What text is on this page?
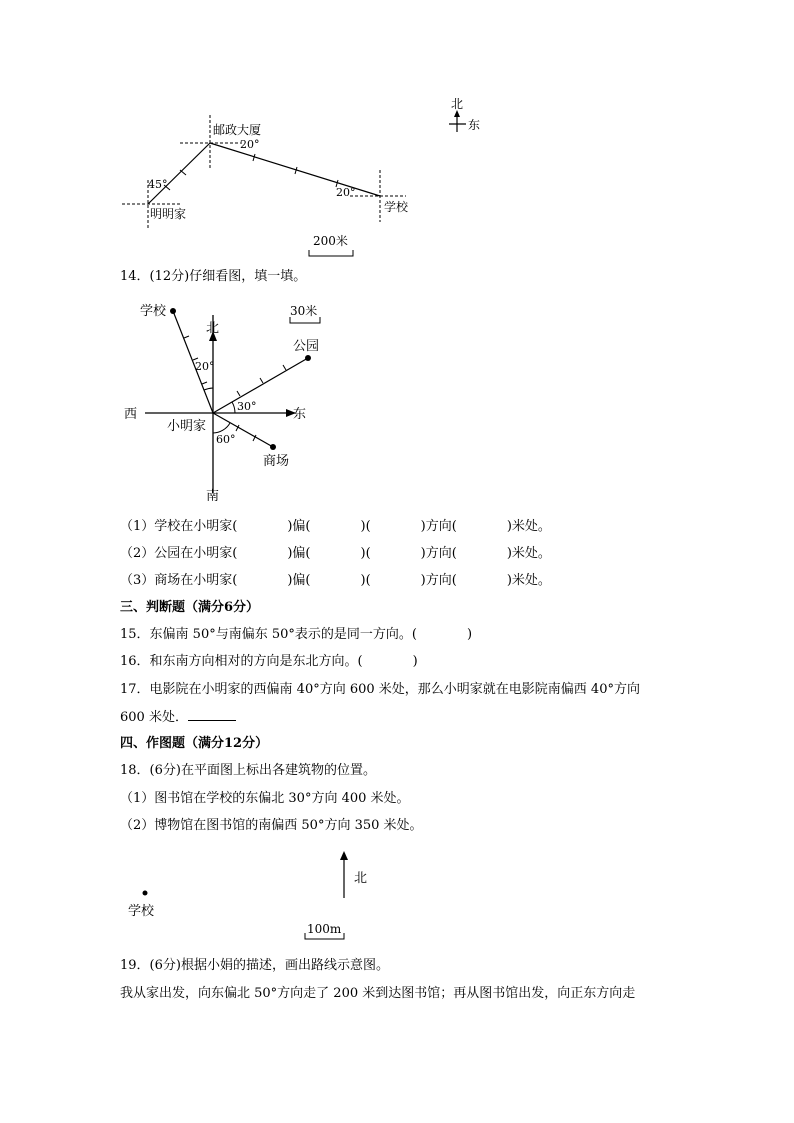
北
东
邮政大厦
20°
45°
明明家
20°
学校
200米
14．(12分)仔细看图，填一填。
学校
北
30米
公园
20°
30°
西	东
小明家
60°
商场
南
（1）学校在小明家(	)偏(	)(	)方向(	)米处。
（2）公园在小明家(	)偏(	)(	)方向(	)米处。
（3）商场在小明家(	)偏(	)(	)方向(	)米处。
三、判断题（满分6分）
15．东偏南 50°与南偏东 50°表示的是同一方向。(	)
16．和东南方向相对的方向是东北方向。(	)
17．电影院在小明家的西偏南 40°方向 600 米处，那么小明家就在电影院南偏西 40°方向
600 米处．
四、作图题（满分12分）
18．(6分)在平面图上标出各建筑物的位置。
（1）图书馆在学校的东偏北 30°方向 400 米处。
（2）博物馆在图书馆的南偏西 50°方向 350 米处。
学校
北
100m
19．(6分)根据小娟的描述，画出路线示意图。
我从家出发，向东偏北 50°方向走了 200 米到达图书馆；再从图书馆出发，向正东方向走
